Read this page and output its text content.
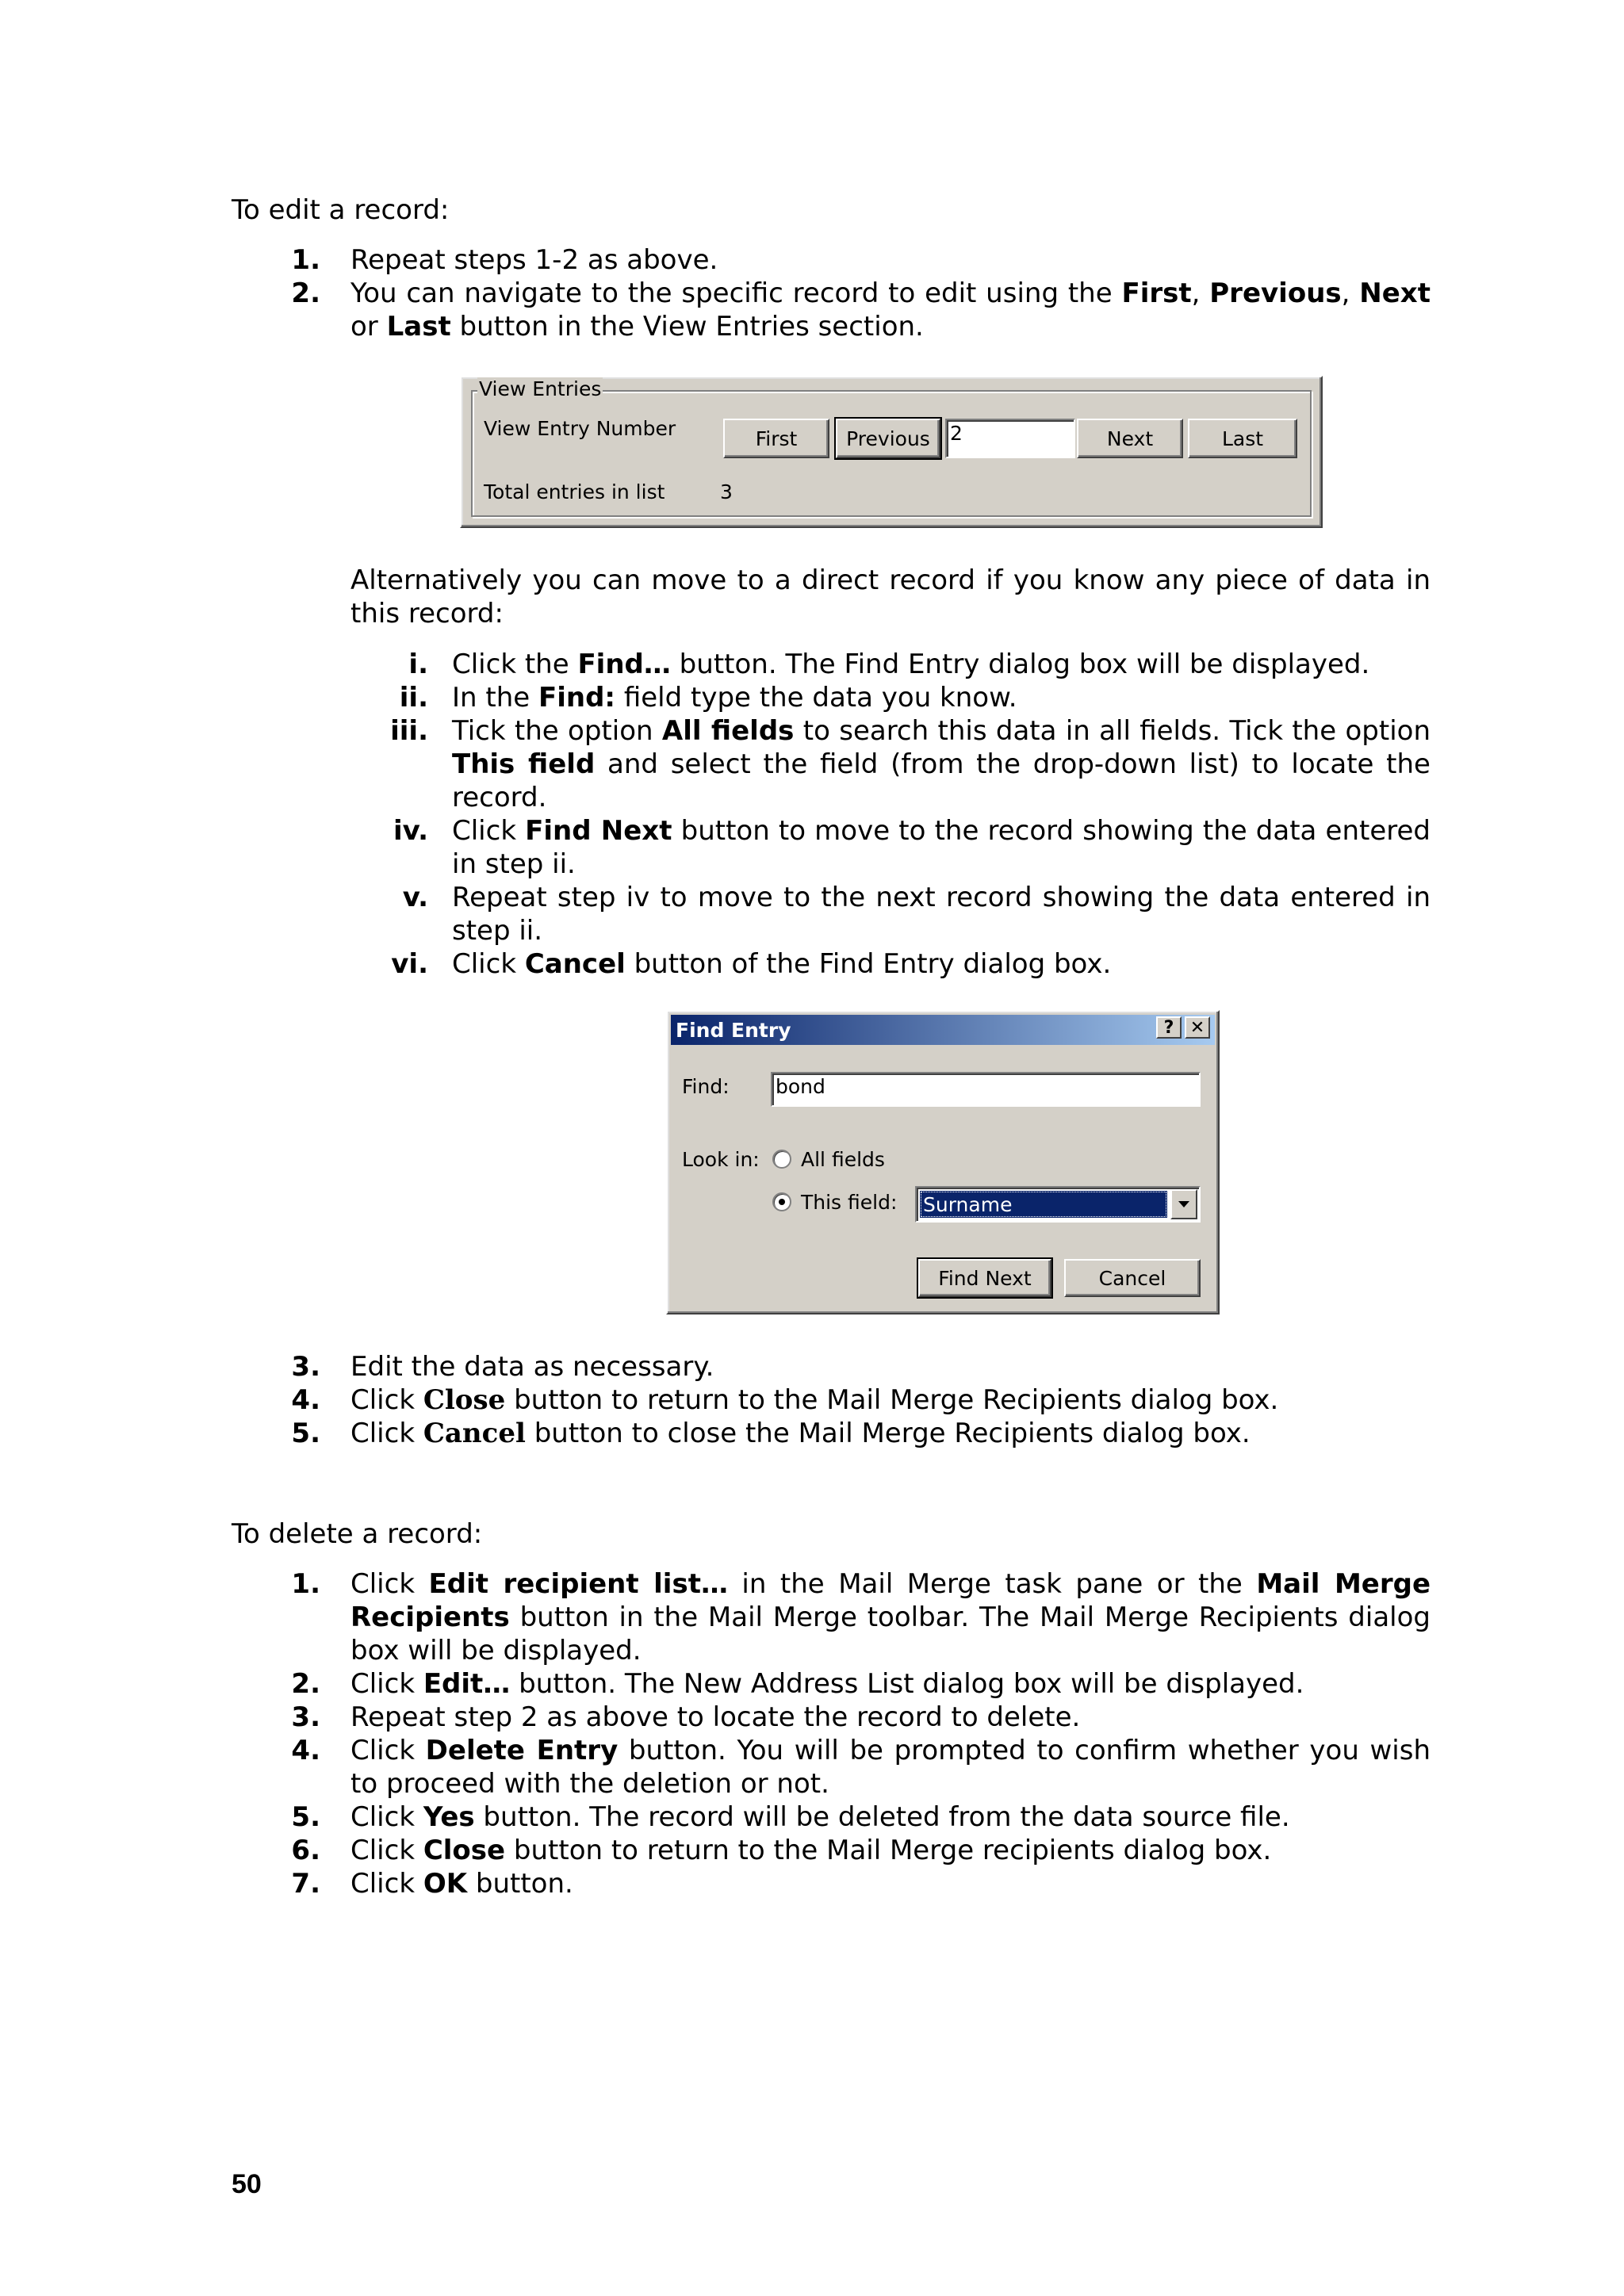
To edit a record:

1. Repeat steps 1-2 as above.
2. You can navigate to the specific record to edit using the First, Previous, Next or Last button in the View Entries section.
View Entries
View Entry Number
Total entries in list	3
First	Previous	2	Next	Last

Alternatively you can move to a direct record if you know any piece of data in this record:

i. Click the Find… button. The Find Entry dialog box will be displayed.
ii. In the Find: field type the data you know.
iii. Tick the option All fields to search this data in all fields. Tick the option This field and select the field (from the drop-down list) to locate the record.
iv. Click Find Next button to move to the record showing the data entered in step ii.
v. Repeat step iv to move to the next record showing the data entered in step ii.
vi. Click Cancel button of the Find Entry dialog box.
Find Entry	? ✕
Find: bond
Look in: All fields
This field: Surname
Find Next	Cancel
3. Edit the data as necessary.
4. Click Close button to return to the Mail Merge Recipients dialog box.
5. Click Cancel button to close the Mail Merge Recipients dialog box.

To delete a record:

1. Click Edit recipient list… in the Mail Merge task pane or the Mail Merge Recipients button in the Mail Merge toolbar. The Mail Merge Recipients dialog box will be displayed.
2. Click Edit… button. The New Address List dialog box will be displayed.
3. Repeat step 2 as above to locate the record to delete.
4. Click Delete Entry button. You will be prompted to confirm whether you wish to proceed with the deletion or not.
5. Click Yes button. The record will be deleted from the data source file.
6. Click Close button to return to the Mail Merge recipients dialog box.
7. Click OK button.
50
